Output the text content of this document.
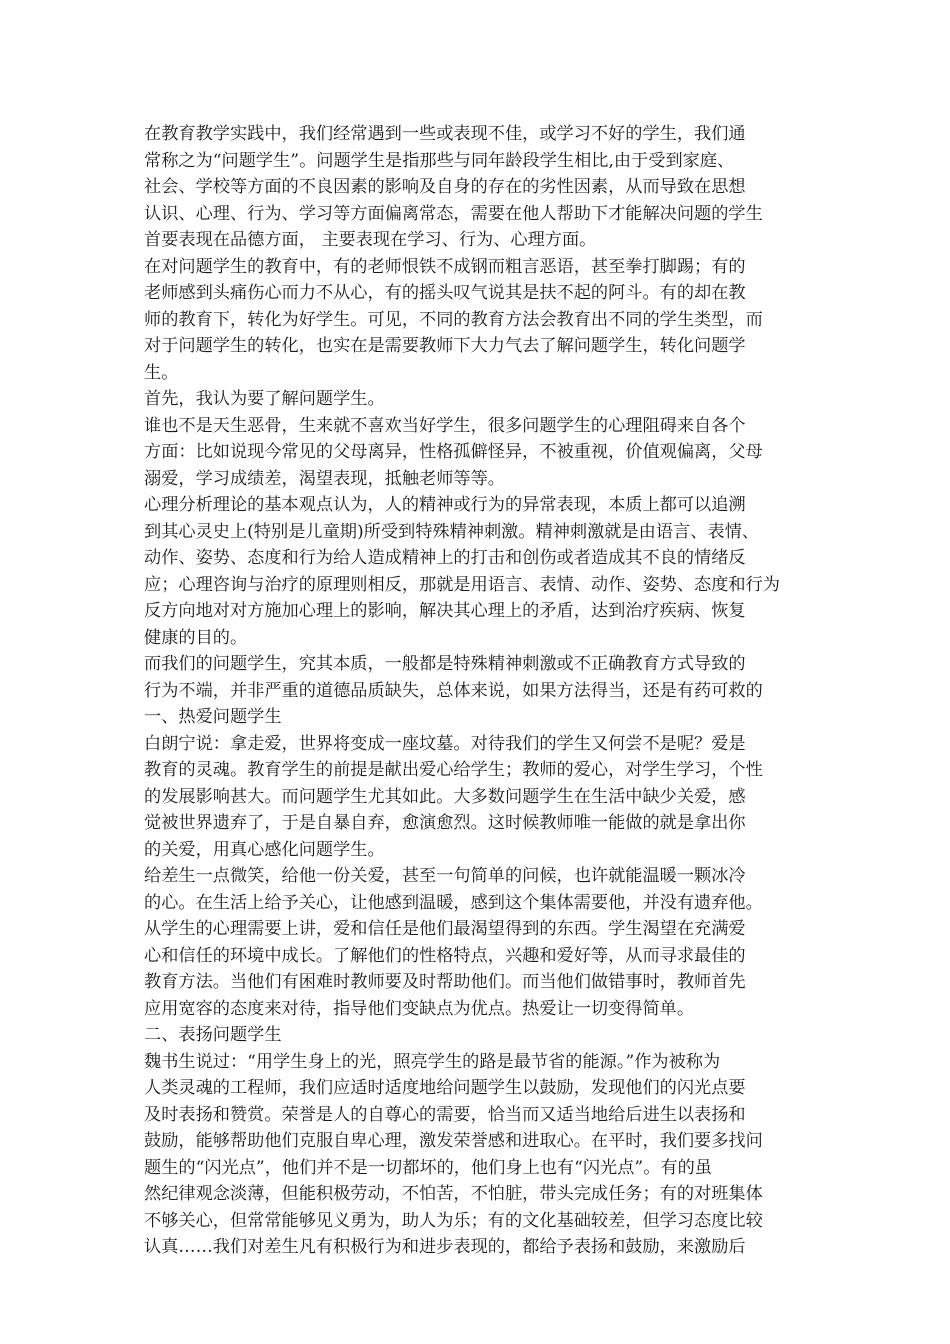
在教育教学实践中，我们经常遇到一些或表现不佳，或学习不好的学生，我们通
常称之为“问题学生”。问题学生是指那些与同年龄段学生相比,由于受到家庭、
社会、学校等方面的不良因素的影响及自身的存在的劣性因素，从而导致在思想
认识、心理、行为、学习等方面偏离常态，需要在他人帮助下才能解决问题的学生
首要表现在品德方面， 主要表现在学习、行为、心理方面。
在对问题学生的教育中，有的老师恨铁不成钢而粗言恶语，甚至拳打脚踢；有的
老师感到头痛伤心而力不从心，有的摇头叹气说其是扶不起的阿斗。有的却在教
师的教育下，转化为好学生。可见，不同的教育方法会教育出不同的学生类型，而
对于问题学生的转化，也实在是需要教师下大力气去了解问题学生，转化问题学
生。
首先，我认为要了解问题学生。
谁也不是天生恶骨，生来就不喜欢当好学生，很多问题学生的心理阻碍来自各个
方面：比如说现今常见的父母离异，性格孤僻怪异，不被重视，价值观偏离，父母
溺爱，学习成绩差，渴望表现，抵触老师等等。
心理分析理论的基本观点认为，人的精神或行为的异常表现，本质上都可以追溯
到其心灵史上(特别是儿童期)所受到特殊精神刺激。精神刺激就是由语言、表情、
动作、姿势、态度和行为给人造成精神上的打击和创伤或者造成其不良的情绪反
应；心理咨询与治疗的原理则相反，那就是用语言、表情、动作、姿势、态度和行为
反方向地对对方施加心理上的影响，解决其心理上的矛盾，达到治疗疾病、恢复
健康的目的。
而我们的问题学生，究其本质，一般都是特殊精神刺激或不正确教育方式导致的
行为不端，并非严重的道德品质缺失，总体来说，如果方法得当，还是有药可救的
一、热爱问题学生
白朗宁说：拿走爱，世界将变成一座坟墓。对待我们的学生又何尝不是呢？爱是
教育的灵魂。教育学生的前提是献出爱心给学生；教师的爱心，对学生学习，个性
的发展影响甚大。而问题学生尤其如此。大多数问题学生在生活中缺少关爱，感
觉被世界遗弃了，于是自暴自弃，愈演愈烈。这时候教师唯一能做的就是拿出你
的关爱，用真心感化问题学生。
给差生一点微笑，给他一份关爱，甚至一句简单的问候，也许就能温暖一颗冰冷
的心。在生活上给予关心，让他感到温暖，感到这个集体需要他，并没有遗弃他。
从学生的心理需要上讲，爱和信任是他们最渴望得到的东西。学生渴望在充满爱
心和信任的环境中成长。了解他们的性格特点，兴趣和爱好等，从而寻求最佳的
教育方法。当他们有困难时教师要及时帮助他们。而当他们做错事时，教师首先
应用宽容的态度来对待，指导他们变缺点为优点。热爱让一切变得简单。
二、表扬问题学生
魏书生说过：“用学生身上的光，照亮学生的路是最节省的能源。”作为被称为
人类灵魂的工程师，我们应适时适度地给问题学生以鼓励，发现他们的闪光点要
及时表扬和赞赏。荣誉是人的自尊心的需要，恰当而又适当地给后进生以表扬和
鼓励，能够帮助他们克服自卑心理，激发荣誉感和进取心。在平时，我们要多找问
题生的“闪光点”，他们并不是一切都坏的，他们身上也有“闪光点”。有的虽
然纪律观念淡薄，但能积极劳动，不怕苦，不怕脏，带头完成任务；有的对班集体
不够关心，但常常能够见义勇为，助人为乐；有的文化基础较差，但学习态度比较
认真……我们对差生凡有积极行为和进步表现的，都给予表扬和鼓励，来激励后
